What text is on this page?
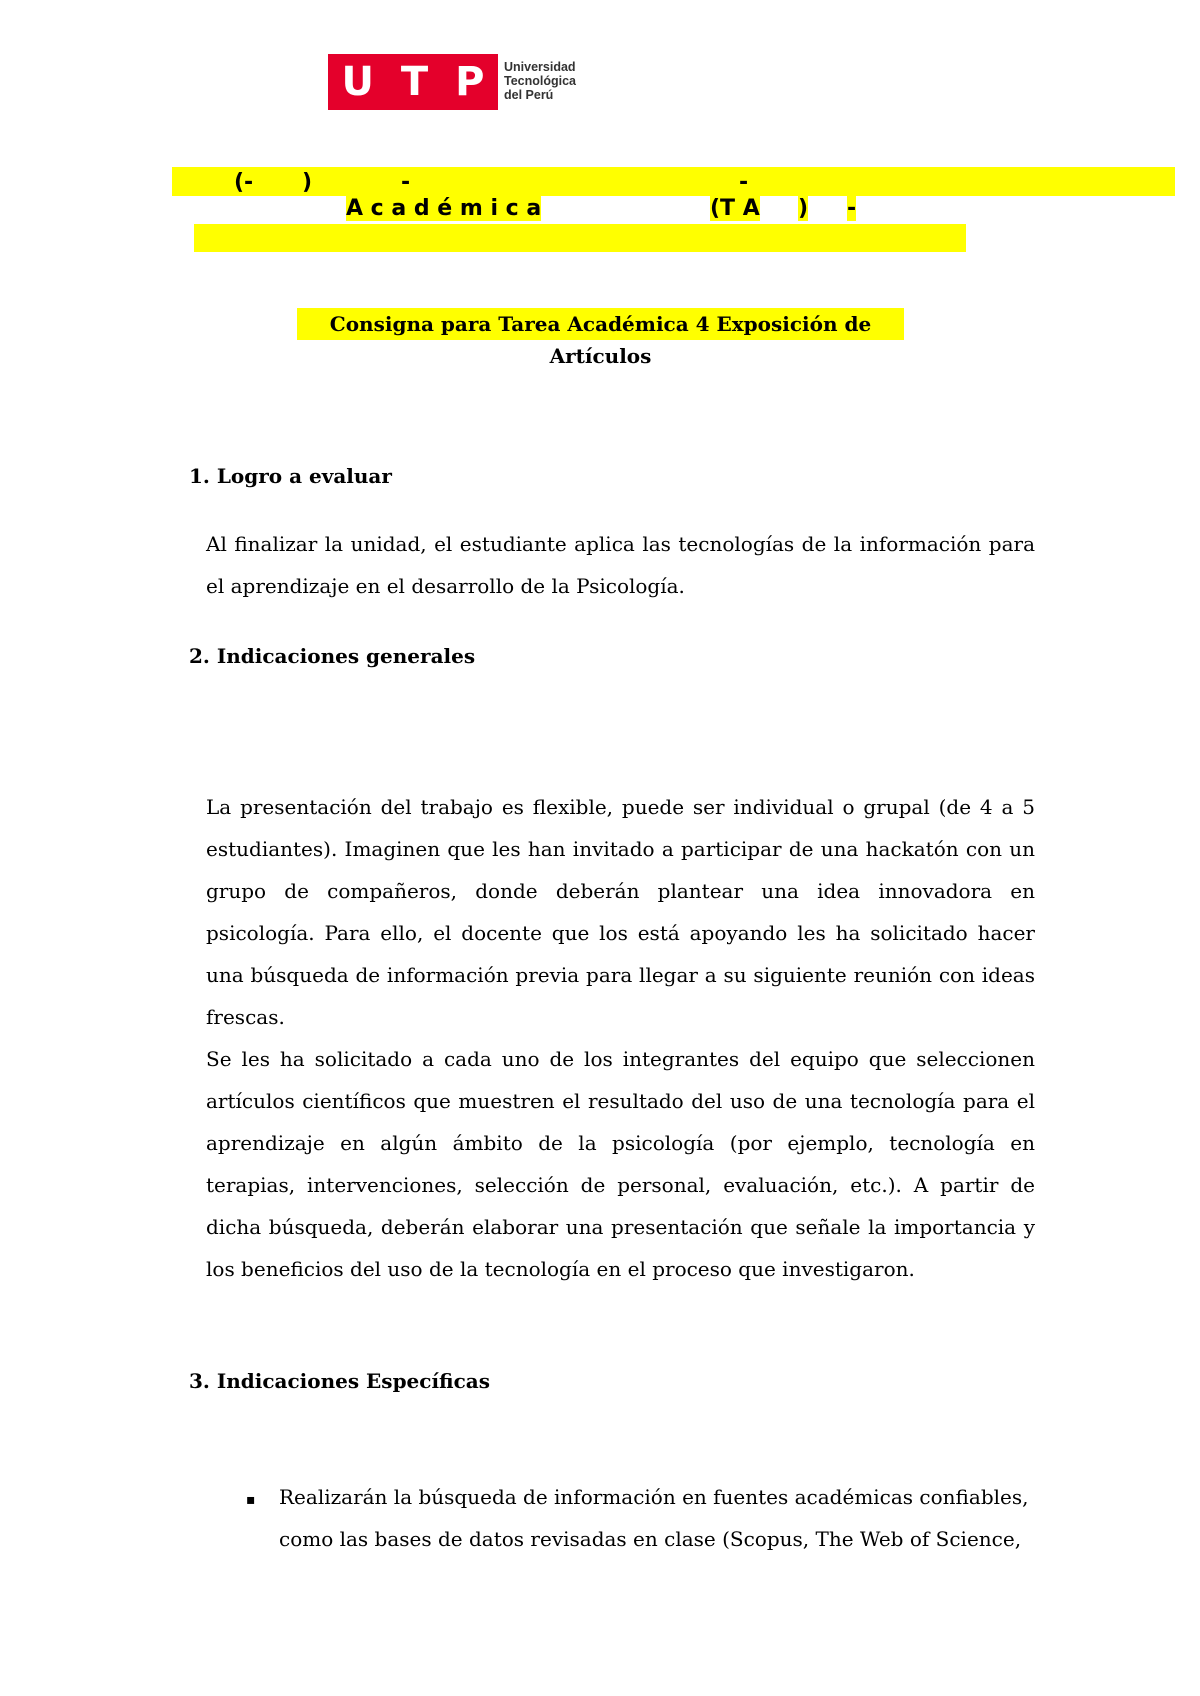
U T P Universidad
Tecnológica
del Perú
(- )	-	-
A c a d é m i c a	(T A ) -
Consigna para Tarea Académica 4 Exposición de Artículos
1. Logro a evaluar

Al finalizar la unidad, el estudiante aplica las tecnologías de la información para el aprendizaje en el desarrollo de la Psicología.

2. Indicaciones generales

La presentación del trabajo es flexible, puede ser individual o grupal (de 4 a 5 estudiantes). Imaginen que les han invitado a participar de una hackatón con un grupo de compañeros, donde deberán plantear una idea innovadora en psicología. Para ello, el docente que los está apoyando les ha solicitado hacer una búsqueda de información previa para llegar a su siguiente reunión con ideas frescas.

Se les ha solicitado a cada uno de los integrantes del equipo que seleccionen artículos científicos que muestren el resultado del uso de una tecnología para el aprendizaje en algún ámbito de la psicología (por ejemplo, tecnología en terapias, intervenciones, selección de personal, evaluación, etc.). A partir de dicha búsqueda, deberán elaborar una presentación que señale la importancia y los beneficios del uso de la tecnología en el proceso que investigaron.

3. Indicaciones Específicas
▪ Realizarán la búsqueda de información en fuentes académicas confiables, como las bases de datos revisadas en clase (Scopus, The Web of Science,
